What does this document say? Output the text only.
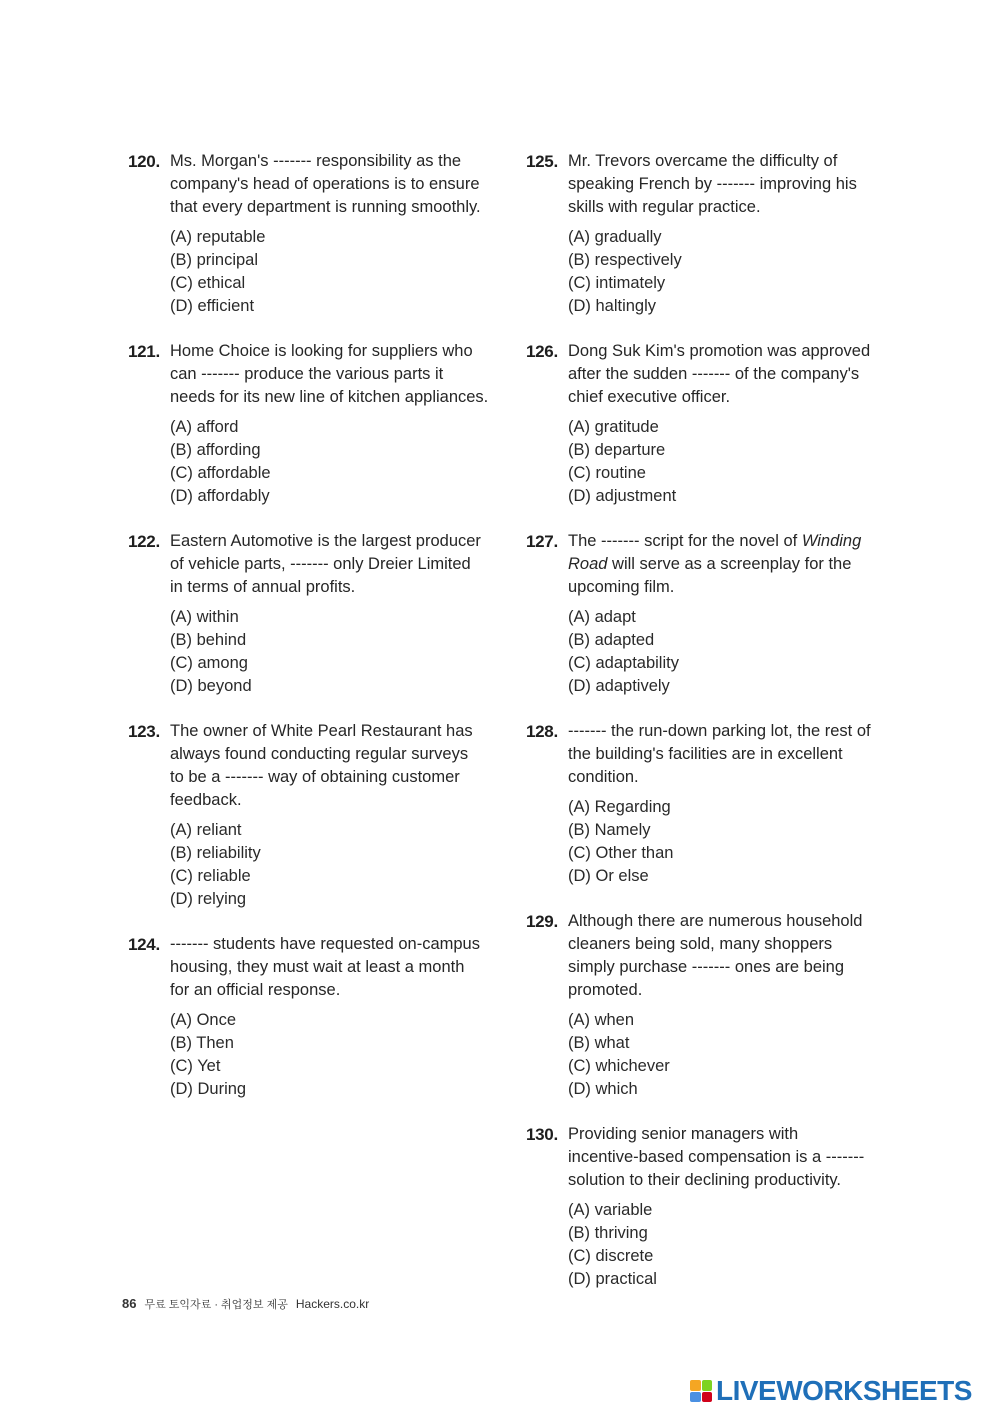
120. Ms. Morgan's ------- responsibility as the

company's head of operations is to ensure

that every department is running smoothly.

(A) reputable
(B) principal
(C) ethical
(D) efficient
121. Home Choice is looking for suppliers who

can ------- produce the various parts it

needs for its new line of kitchen appliances.

(A) afford
(B) affording
(C) affordable
(D) affordably
122. Eastern Automotive is the largest producer

of vehicle parts, ------- only Dreier Limited

in terms of annual profits.

(A) within
(B) behind
(C) among
(D) beyond
123. The owner of White Pearl Restaurant has

always found conducting regular surveys

to be a ------- way of obtaining customer

feedback.

(A) reliant
(B) reliability
(C) reliable
(D) relying
124. ------- students have requested on-campus

housing, they must wait at least a month

for an official response.

(A) Once
(B) Then
(C) Yet
(D) During
125. Mr. Trevors overcame the difficulty of

speaking French by ------- improving his

skills with regular practice.

(A) gradually
(B) respectively
(C) intimately
(D) haltingly
126. Dong Suk Kim's promotion was approved

after the sudden ------- of the company's

chief executive officer.

(A) gratitude
(B) departure
(C) routine
(D) adjustment
127. The ------- script for the novel of Winding

Road will serve as a screenplay for the

upcoming film.

(A) adapt
(B) adapted
(C) adaptability
(D) adaptively
128. ------- the run-down parking lot, the rest of

the building's facilities are in excellent

condition.

(A) Regarding
(B) Namely
(C) Other than
(D) Or else
129. Although there are numerous household

cleaners being sold, many shoppers

simply purchase ------- ones are being

promoted.

(A) when
(B) what
(C) whichever
(D) which
130. Providing senior managers with

incentive-based compensation is a -------

solution to their declining productivity.

(A) variable
(B) thriving
(C) discrete
(D) practical
86 무료 토익자료 · 취업정보 제공 Hackers.co.kr
LIVEWORKSHEETS
